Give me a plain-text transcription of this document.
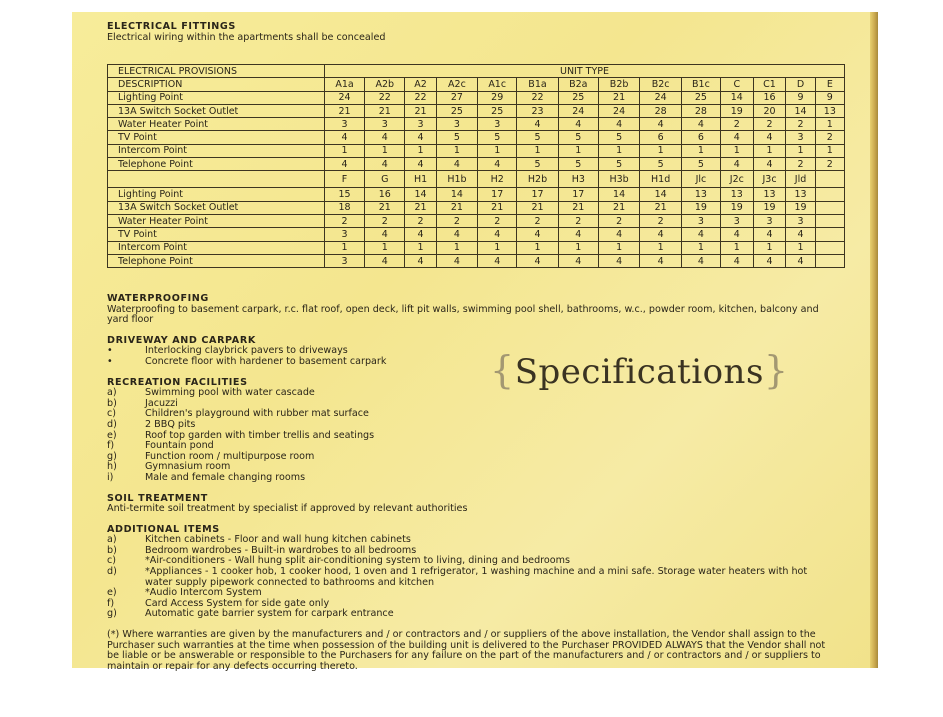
ELECTRICAL FITTINGS
Electrical wiring within the apartments shall be concealed
ELECTRICAL PROVISIONS	UNIT TYPE													
DESCRIPTION	A1a	A2b	A2	A2c	A1c	B1a	B2a	B2b	B2c	B1c	C	C1	D	E
Lighting Point	24	22	22	27	29	22	25	21	24	25	14	16	9	9
13A Switch Socket Outlet	21	21	21	25	25	23	24	24	28	28	19	20	14	13
Water Heater Point	3	3	3	3	3	4	4	4	4	4	2	2	2	1
TV Point	4	4	4	5	5	5	5	5	6	6	4	4	3	2
Intercom Point	1	1	1	1	1	1	1	1	1	1	1	1	1	1
Telephone Point	4	4	4	4	4	5	5	5	5	5	4	4	2	2
	F	G	H1	H1b	H2	H2b	H3	H3b	H1d	Jlc	J2c	J3c	Jld	
Lighting Point	15	16	14	14	17	17	17	14	14	13	13	13	13	
13A Switch Socket Outlet	18	21	21	21	21	21	21	21	21	19	19	19	19	
Water Heater Point	2	2	2	2	2	2	2	2	2	3	3	3	3	
TV Point	3	4	4	4	4	4	4	4	4	4	4	4	4	
Intercom Point	1	1	1	1	1	1	1	1	1	1	1	1	1	
Telephone Point	3	4	4	4	4	4	4	4	4	4	4	4	4	
WATERPROOFING
Waterproofing to basement carpark, r.c. flat roof, open deck, lift pit walls, swimming pool shell, bathrooms, w.c., powder room, kitchen, balcony and yard floor
DRIVEWAY AND CARPARK
•	Interlocking claybrick pavers to driveways
•	Concrete floor with hardener to basement carpark
RECREATION FACILITIES
a)	Swimming pool with water cascade
b)	Jacuzzi
c)	Children's playground with rubber mat surface
d)	2 BBQ pits
e)	Roof top garden with timber trellis and seatings
f)	Fountain pond
g)	Function room / multipurpose room
h)	Gymnasium room
i)	Male and female changing rooms
SOIL TREATMENT
Anti-termite soil treatment by specialist if approved by relevant authorities
ADDITIONAL ITEMS
a)	Kitchen cabinets - Floor and wall hung kitchen cabinets
b)	Bedroom wardrobes - Built-in wardrobes to all bedrooms
c)	*Air-conditioners - Wall hung split air-conditioning system to living, dining and bedrooms
d)	*Appliances - 1 cooker hob, 1 cooker hood, 1 oven and 1 refrigerator, 1 washing machine and a mini safe. Storage water heaters with hot water supply pipework connected to bathrooms and kitchen
e)	*Audio Intercom System
f)	Card Access System for side gate only
g)	Automatic gate barrier system for carpark entrance
(*) Where warranties are given by the manufacturers and / or contractors and / or suppliers of the above installation, the Vendor shall assign to the Purchaser such warranties at the time when possession of the building unit is delivered to the Purchaser PROVIDED ALWAYS that the Vendor shall not be liable or be answerable or responsible to the Purchasers for any failure on the part of the manufacturers and / or contractors and / or suppliers to maintain or repair for any defects occurring thereto.
{Specifications}
